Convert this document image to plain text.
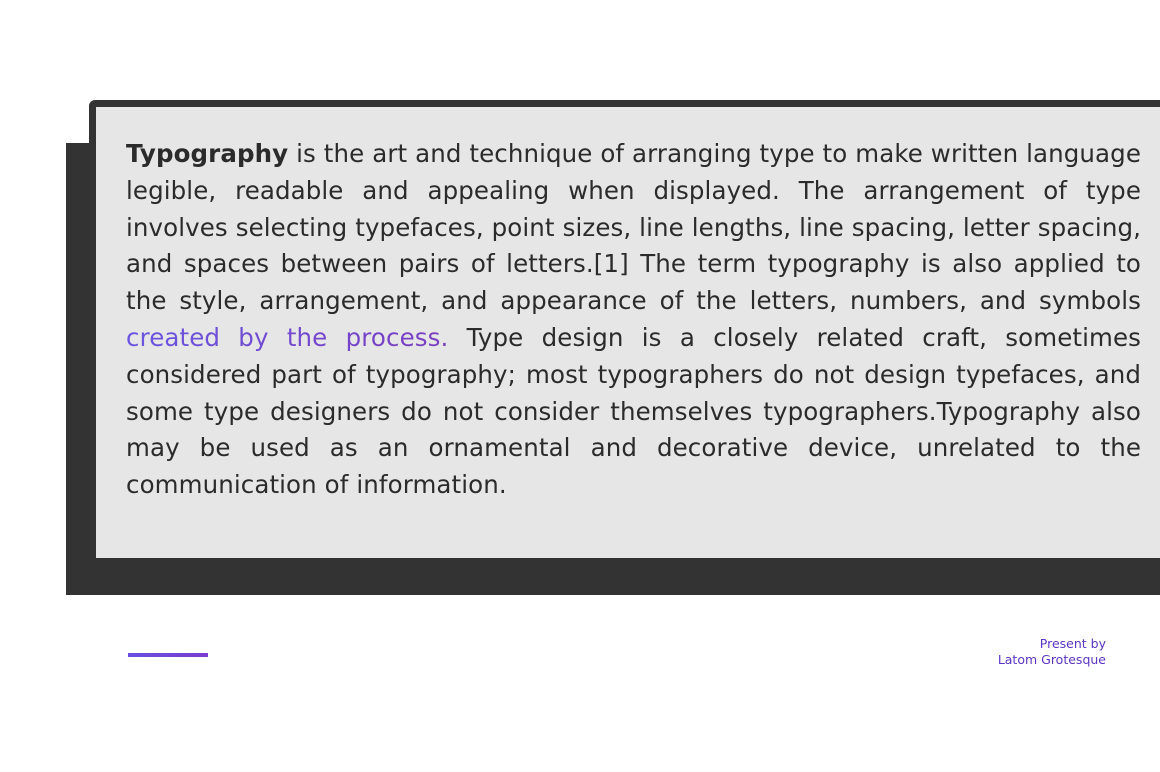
Typography is the art and technique of arranging type to make written language legible, readable and appealing when displayed. The arrangement of type involves selecting typefaces, point sizes, line lengths, line spacing, letter spacing, and spaces between pairs of letters.[1] The term typography is also applied to the style, arrangement, and appearance of the letters, numbers, and symbols created by the process. Type design is a closely related craft, sometimes considered part of typography; most typographers do not design typefaces, and some type designers do not consider themselves typographers.Typography also may be used as an ornamental and decorative device, unrelated to the communication of information.
Present by
Latom Grotesque
